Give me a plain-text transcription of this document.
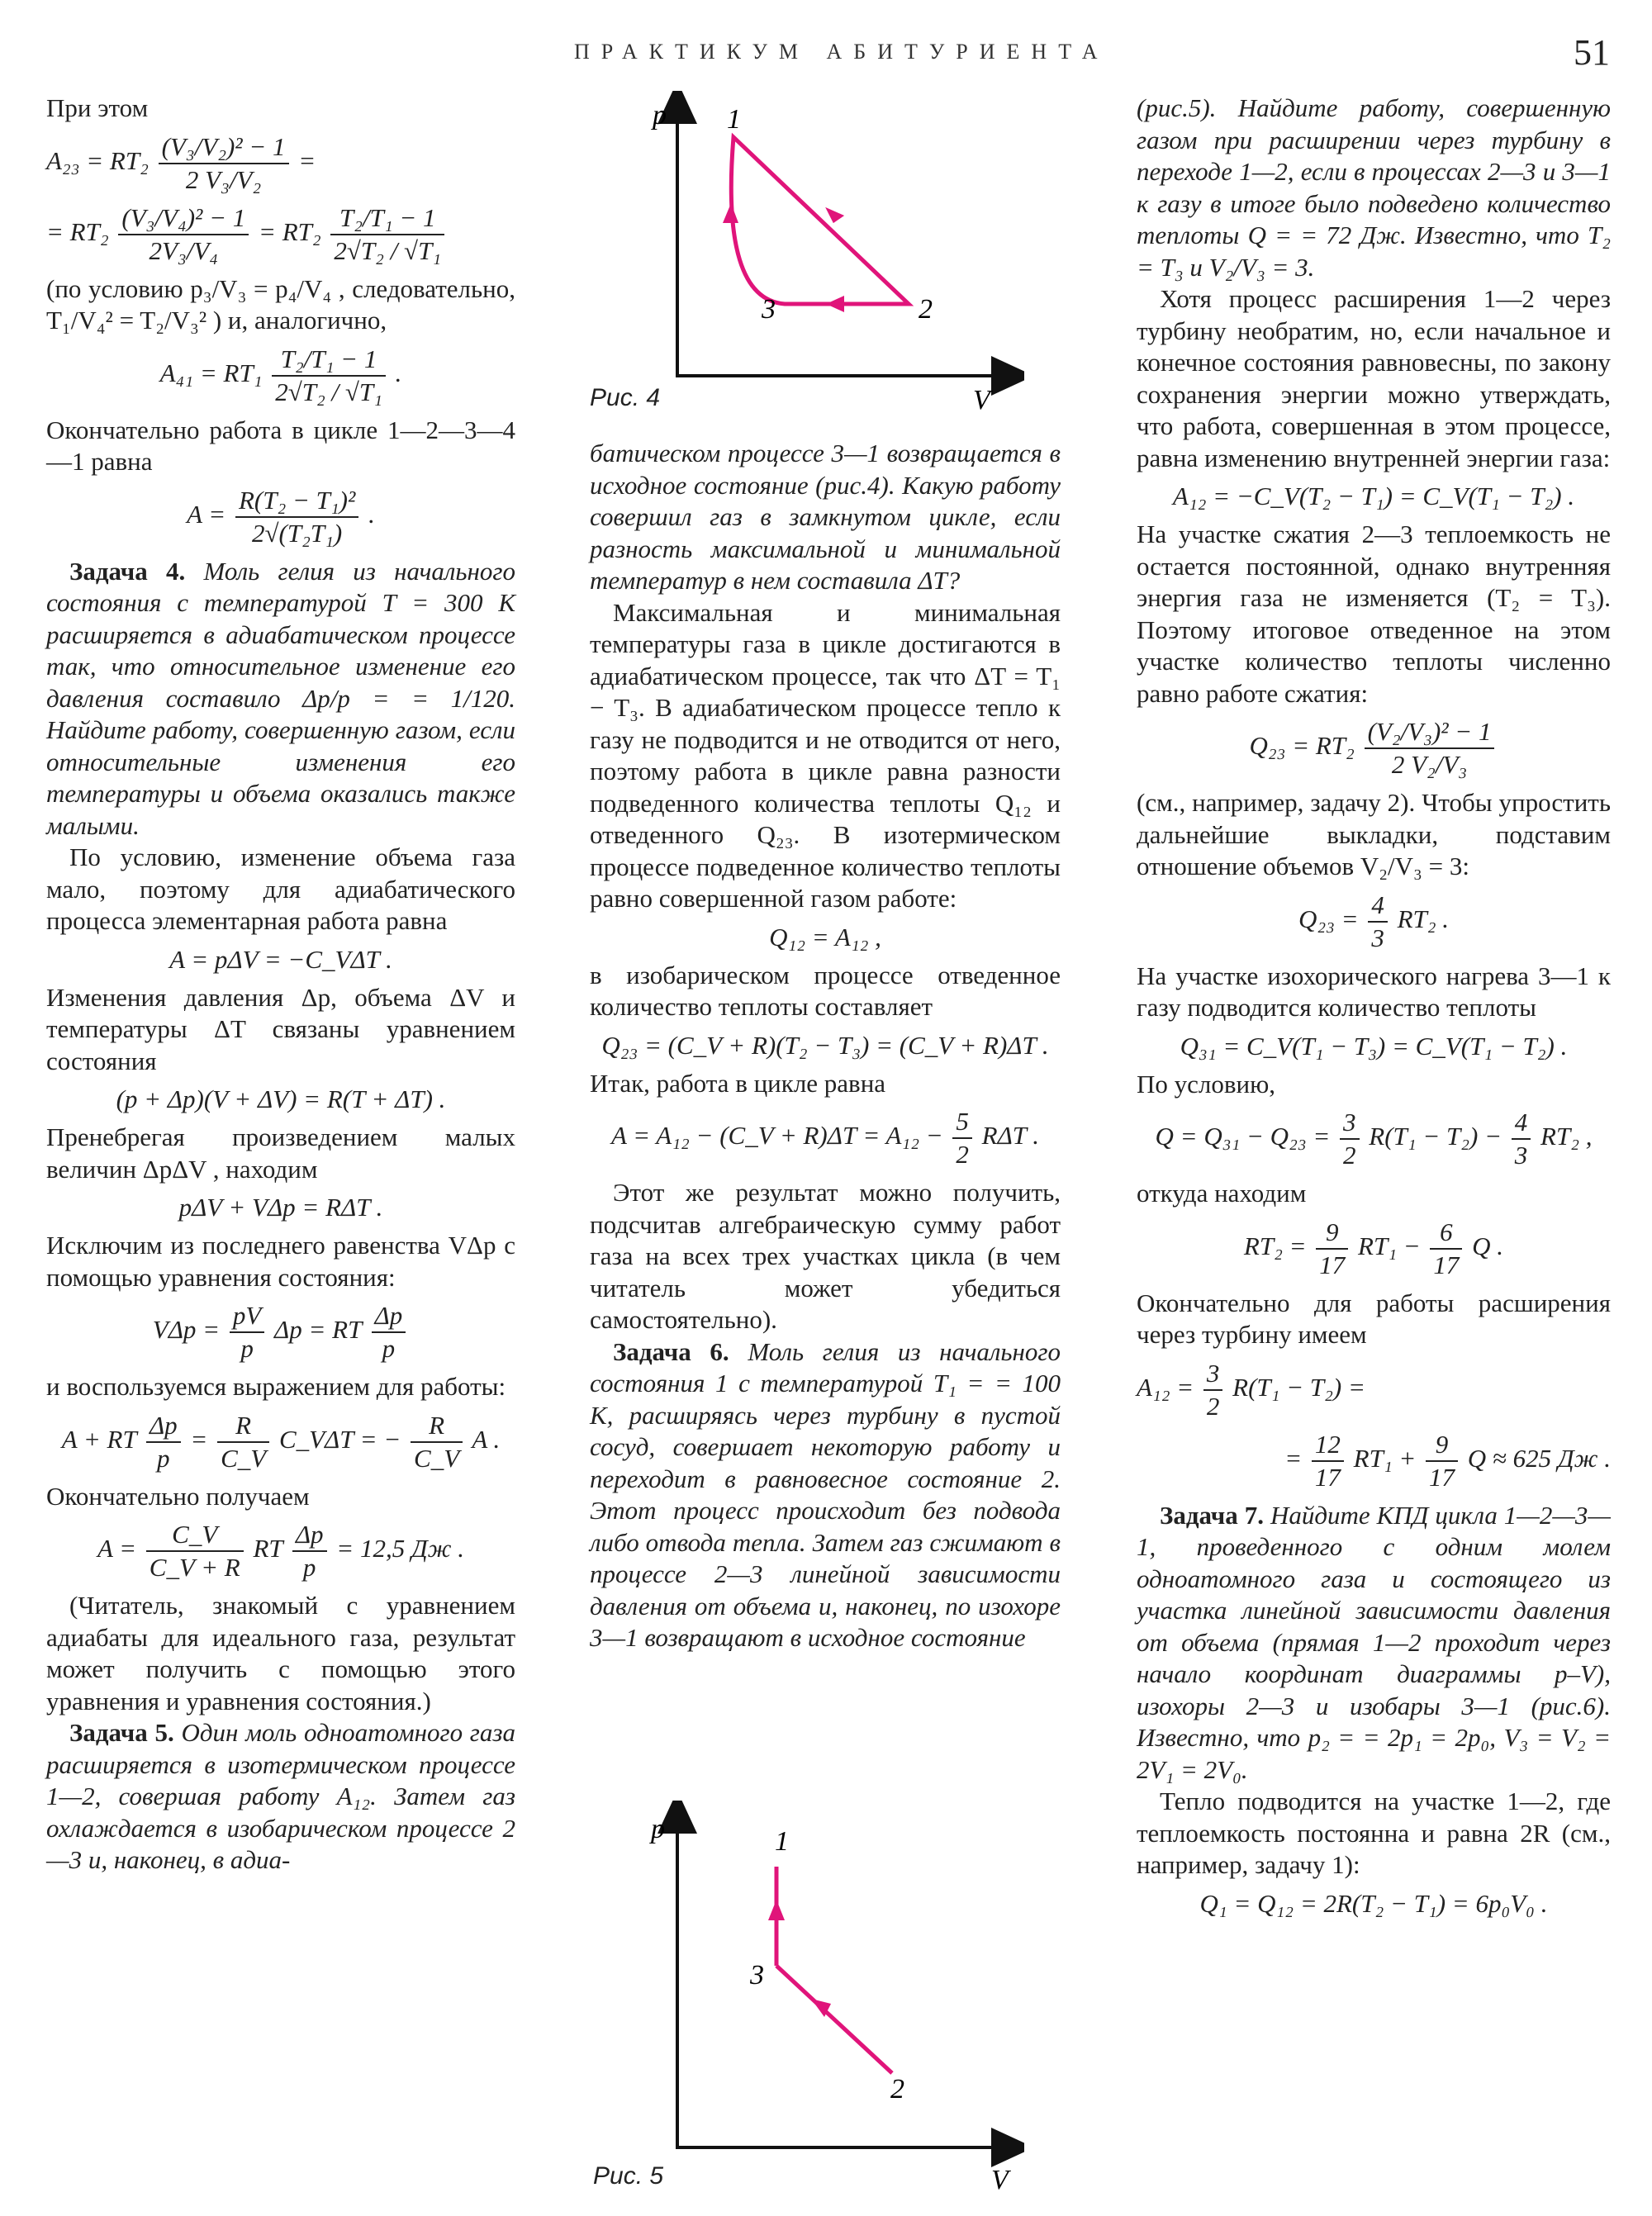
ПРАКТИКУМ АБИТУРИЕНТА	51

При этом

$A_{23} = RT_2 \frac{\text{(V₃/V₂)² − 1}}{\text{2 V₃/V₂}}$ =
= $RT_2 \frac{\text{(V₃/V₄)² − 1}}{\text{2V₃/V₄}} = RT_2 \frac{\text{T₂/T₁ − 1}}{\text{2√T₂ / √T₁}}$

(по условию p₃/V₃ = p₄/V₄ , следовательно, T₁/V₄² = T₂/V₃² ) и, аналогично,

$A_{41} = RT_1 \frac{\text{T₂/T₁ − 1}}{\text{2√T₂ / √T₁}}$ .

Окончательно работа в цикле 1—2—3—4—1 равна

$A = \frac{\text{R(T₂ − T₁)²}}{\text{2√(T₂T₁)}}$ .

Задача 4. Моль гелия из начального состояния с температурой T = 300 К расширяется в адиабатическом процессе так, что относительное изменение его давления составило Δp/p = = 1/120. Найдите работу, совершенную газом, если относительные изменения его температуры и объема оказались также малыми.

По условию, изменение объема газа мало, поэтому для адиабатического процесса элементарная работа равна

A = pΔV = −C_VΔT .

Изменения давления Δp, объема ΔV и температуры ΔT связаны уравнением состояния

(p + Δp)(V + ΔV) = R(T + ΔT) .

Пренебрегая произведением малых величин ΔpΔV , находим

pΔV + VΔp = RΔT .

Исключим из последнего равенства VΔp с помощью уравнения состояния:

$V\Delta p = \frac{pV}{p}$ Δp = RT $\frac{\Delta p}{p}$

и воспользуемся выражением для работы:

A + RT $\frac{\Delta p}{p} = \frac{R}{C\_V}$ C_VΔT = − $\frac{R}{C\_V}$ A .

Окончательно получаем

$A = \frac{C\_V}{C\_V + R}$ RT $\frac{\Delta p}{p} = 12,5$ Дж .

(Читатель, знакомый с уравнением адиабаты для идеального газа, результат может получить с помощью этого уравнения и уравнения состояния.)

Задача 5. Один моль одноатомного газа расширяется в изотермическом процессе 1—2, совершая работу A₁₂. Затем газ охлаждается в изобарическом процессе 2—3 и, наконец, в адиа-

p
V
1
2
3
Рис. 4

батическом процессе 3—1 возвращается в исходное состояние (рис.4). Какую работу совершил газ в замкнутом цикле, если разность максимальной и минимальной температур в нем составила ΔT?

Максимальная и минимальная температуры газа в цикле достигаются в адиабатическом процессе, так что ΔT = T₁ − T₃. В адиабатическом процессе тепло к газу не подводится и не отводится от него, поэтому работа в цикле равна разности подведенного количества теплоты Q₁₂ и отведенного Q₂₃. В изотермическом процессе подведенное количество теплоты равно совершенной газом работе:

Q₁₂ = A₁₂ ,

в изобарическом процессе отведенное количество теплоты составляет

Q₂₃ = (C_V + R)(T₂ − T₃) = (C_V + R)ΔT .

Итак, работа в цикле равна

A = A₁₂ − (C_V + $R)\Delta T = A_{12} - \frac{5}{2}$ RΔT .

Этот же результат можно получить, подсчитав алгебраическую сумму работ газа на всех трех участках цикла (в чем читатель может убедиться самостоятельно).

Задача 6. Моль гелия из начального состояния 1 с температурой T₁ = = 100 К, расширяясь через турбину в пустой сосуд, совершает некоторую работу и переходит в равновесное состояние 2. Этот процесс происходит без подвода либо отвода тепла. Затем газ сжимают в процессе 2—3 линейной зависимости давления от объема и, наконец, по изохоре 3—1 возвращают в исходное состояние

p
V
1
2
3
Рис. 5

(рис.5). Найдите работу, совершенную газом при расширении через турбину в переходе 1—2, если в процессах 2—3 и 3—1 к газу в итоге было подведено количество теплоты Q = = 72 Дж. Известно, что T₂ = T₃ и V₂/V₃ = 3.

Хотя процесс расширения 1—2 через турбину необратим, но, если начальное и конечное состояния равновесны, по закону сохранения энергии можно утверждать, что работа, совершенная в этом процессе, равна изменению внутренней энергии газа:

A₁₂ = −C_V(T₂ − T₁) = C_V(T₁ − T₂) .

На участке сжатия 2—3 теплоемкость не остается постоянной, однако внутренняя энергия газа не изменяется (T₂ = T₃). Поэтому итоговое отведенное на этом участке количество теплоты численно равно работе сжатия:

$Q_{23} = RT_2 \frac{\text{(V₂/V₃)² − 1}}{\text{2 V₂/V₃}}$

(см., например, задачу 2). Чтобы упростить дальнейшие выкладки, подставим отношение объемов V₂/V₃ = 3:

$Q_{23} = \frac{4}{3} RT_2$ .

На участке изохорического нагрева 3—1 к газу подводится количество теплоты

Q₃₁ = C_V(T₁ − T₃) = C_V(T₁ − T₂) .

По условию,

$Q = Q_{31} - Q_{23} = \frac{3}{2} R(T_1 - T_2) - \frac{4}{3} RT_2$ ,

откуда находим

$RT_2 = \frac{9}{17} RT_1 - \frac{6}{17}$ Q .

Окончательно для работы расширения через турбину имеем

$A_{12} = \frac{3}{2} R(T_1 - T_2)$ =
= $\frac{12}{17} RT_1 + \frac{9}{17}$ Q ≈ 625 Дж .

Задача 7. Найдите КПД цикла 1—2—3—1, проведенного с одним молем одноатомного газа и состоящего из участка линейной зависимости давления от объема (прямая 1—2 проходит через начало координат диаграммы p–V), изохоры 2—3 и изобары 3—1 (рис.6). Известно, что p₂ = = 2p₁ = 2p₀, V₃ = V₂ = 2V₁ = 2V₀.

Тепло подводится на участке 1—2, где теплоемкость постоянна и равна 2R (см., например, задачу 1):

Q₁ = Q₁₂ = 2R(T₂ − T₁) = 6p₀V₀ .
